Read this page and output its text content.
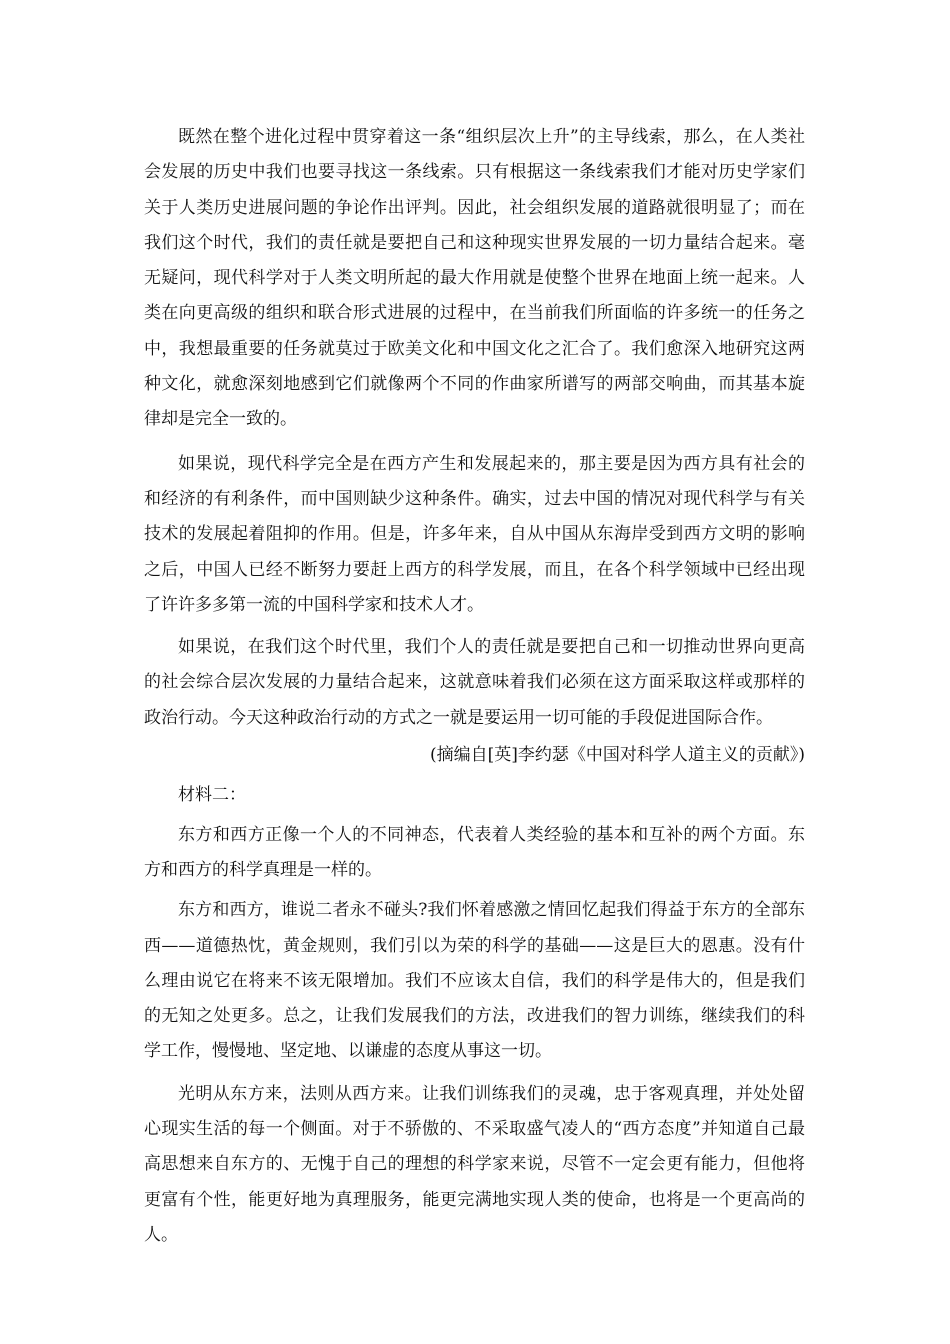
既然在整个进化过程中贯穿着这一条“组织层次上升”的主导线索，那么，在人类社会发展的历史中我们也要寻找这一条线索。只有根据这一条线索我们才能对历史学家们关于人类历史进展问题的争论作出评判。因此，社会组织发展的道路就很明显了；而在我们这个时代，我们的责任就是要把自己和这种现实世界发展的一切力量结合起来。毫无疑问，现代科学对于人类文明所起的最大作用就是使整个世界在地面上统一起来。人类在向更高级的组织和联合形式进展的过程中，在当前我们所面临的许多统一的任务之中，我想最重要的任务就莫过于欧美文化和中国文化之汇合了。我们愈深入地研究这两种文化，就愈深刻地感到它们就像两个不同的作曲家所谱写的两部交响曲，而其基本旋律却是完全一致的。

如果说，现代科学完全是在西方产生和发展起来的，那主要是因为西方具有社会的和经济的有利条件，而中国则缺少这种条件。确实，过去中国的情况对现代科学与有关技术的发展起着阻抑的作用。但是，许多年来，自从中国从东海岸受到西方文明的影响之后，中国人已经不断努力要赶上西方的科学发展，而且，在各个科学领域中已经出现了许许多多第一流的中国科学家和技术人才。

如果说，在我们这个时代里，我们个人的责任就是要把自己和一切推动世界向更高的社会综合层次发展的力量结合起来，这就意味着我们必须在这方面采取这样或那样的政治行动。今天这种政治行动的方式之一就是要运用一切可能的手段促进国际合作。

(摘编自[英]李约瑟《中国对科学人道主义的贡献》)

材料二：

东方和西方正像一个人的不同神态，代表着人类经验的基本和互补的两个方面。东方和西方的科学真理是一样的。

东方和西方，谁说二者永不碰头?我们怀着感激之情回忆起我们得益于东方的全部东西——道德热忱，黄金规则，我们引以为荣的科学的基础——这是巨大的恩惠。没有什么理由说它在将来不该无限增加。我们不应该太自信，我们的科学是伟大的，但是我们的无知之处更多。总之，让我们发展我们的方法，改进我们的智力训练，继续我们的科学工作，慢慢地、坚定地、以谦虚的态度从事这一切。

光明从东方来，法则从西方来。让我们训练我们的灵魂，忠于客观真理，并处处留心现实生活的每一个侧面。对于不骄傲的、不采取盛气凌人的“西方态度”并知道自己最高思想来自东方的、无愧于自己的理想的科学家来说，尽管不一定会更有能力，但他将更富有个性，能更好地为真理服务，能更完满地实现人类的使命，也将是一个更高尚的人。
